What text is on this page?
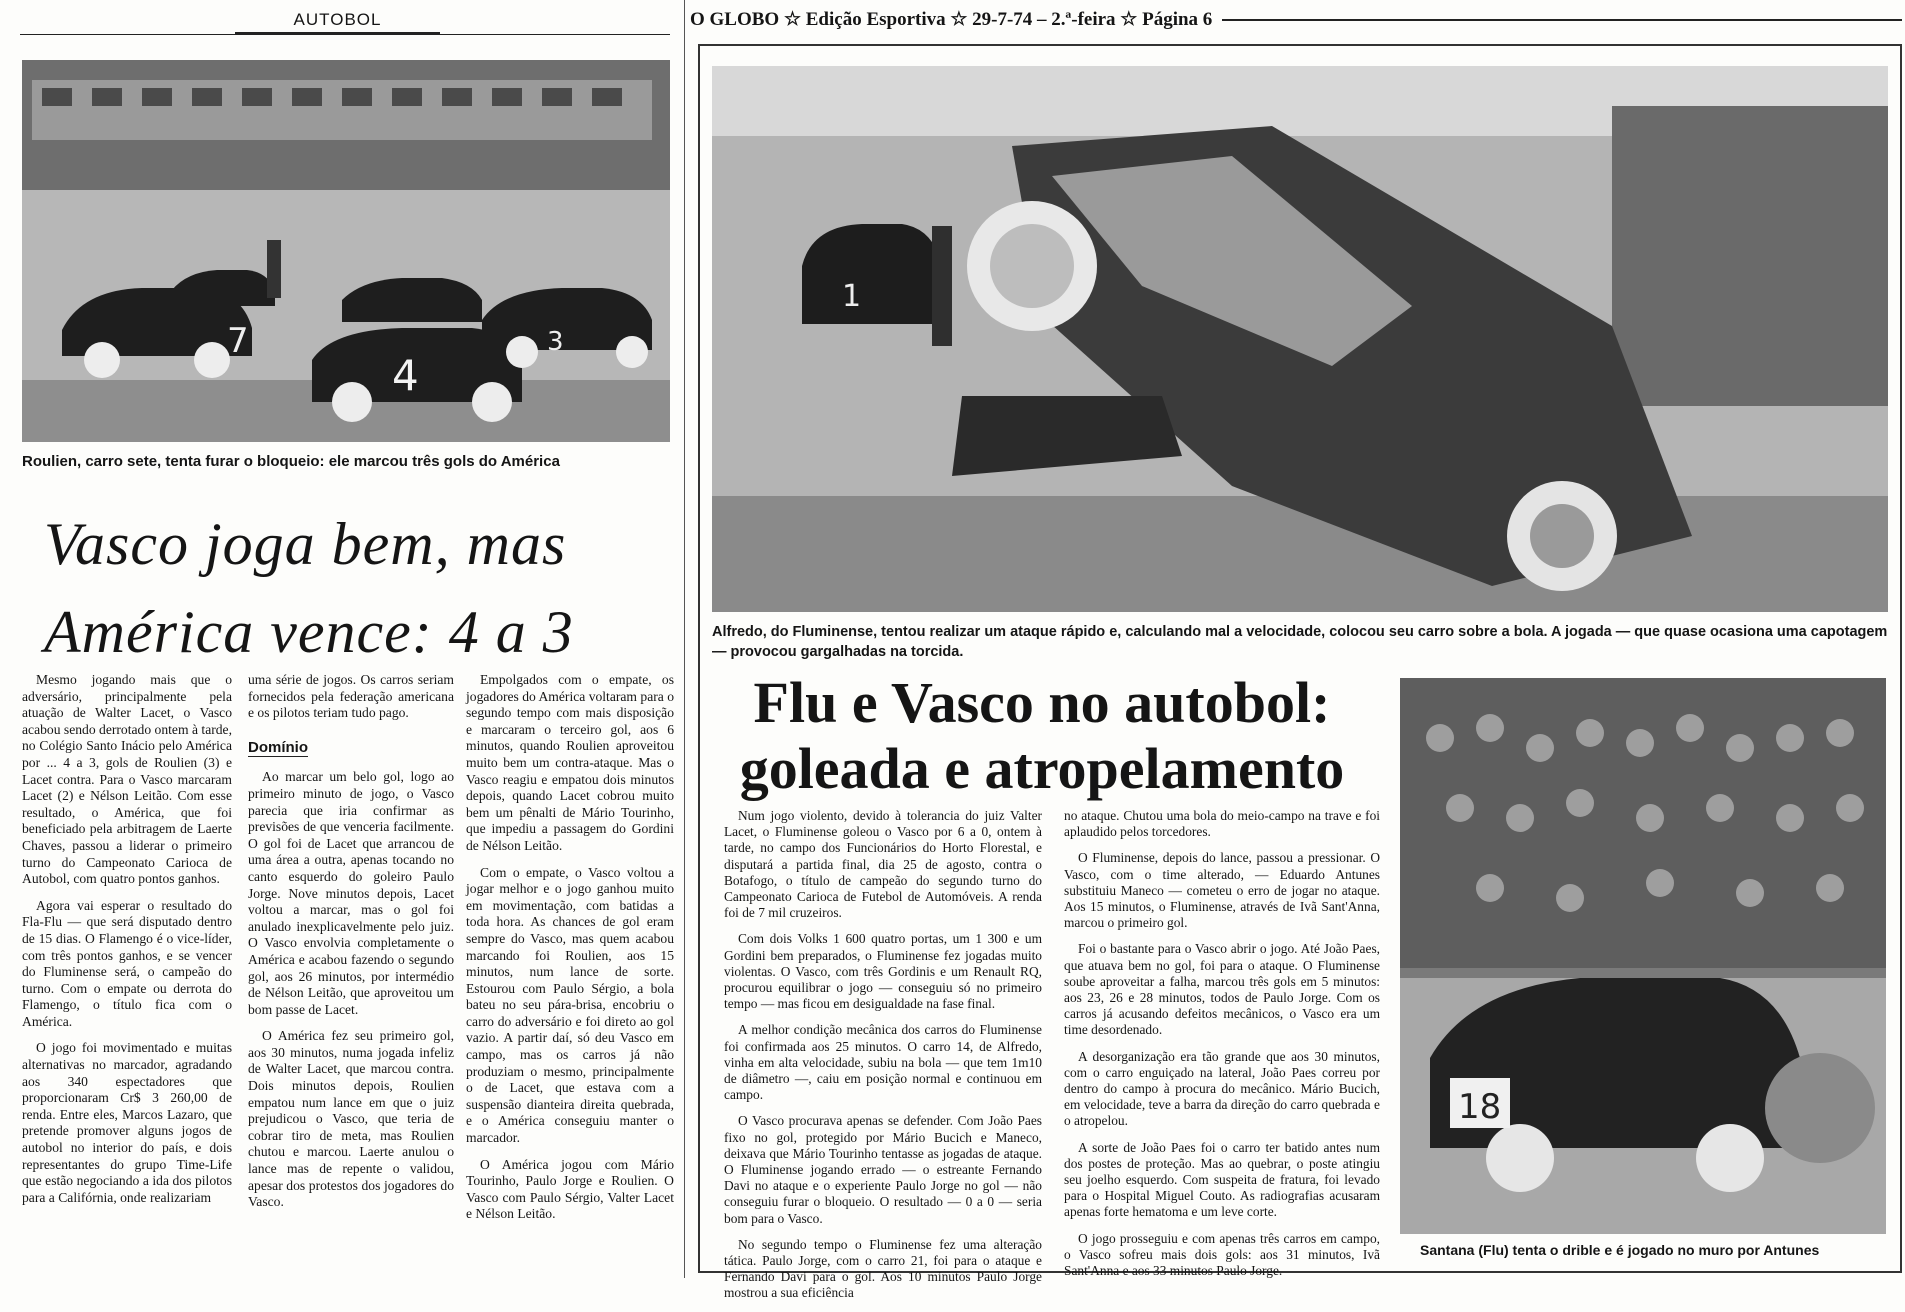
AUTOBOL
7
4
3
Roulien, carro sete, tenta furar o bloqueio: ele marcou três gols do América
Vasco joga bem, mas
América vence: 4 a 3

Mesmo jogando mais que o adversário, principalmente pela atuação de Walter Lacet, o Vasco acabou sendo derrotado ontem à tarde, no Colégio Santo Inácio pelo América por ... 4 a 3, gols de Roulien (3) e Lacet contra. Para o Vasco marcaram Lacet (2) e Nélson Leitão. Com esse resultado, o América, que foi beneficiado pela arbitragem de Laerte Chaves, passou a liderar o primeiro turno do Campeonato Carioca de Autobol, com quatro pontos ganhos.

Agora vai esperar o resultado do Fla-Flu — que será disputado dentro de 15 dias. O Flamengo é o vice-líder, com três pontos ganhos, e se vencer do Fluminense será, o campeão do turno. Com o empate ou derrota do Flamengo, o título fica com o América.

O jogo foi movimentado e muitas alternativas no marcador, agradando aos 340 espectadores que proporcionaram Cr$ 3 260,00 de renda. Entre eles, Marcos Lazaro, que pretende promover alguns jogos de autobol no interior do país, e dois representantes do grupo Time-Life que estão negociando a ida dos pilotos para a Califórnia, onde realizariam

uma série de jogos. Os carros seriam fornecidos pela federação americana e os pilotos teriam tudo pago.

Domínio

Ao marcar um belo gol, logo ao primeiro minuto de jogo, o Vasco parecia que iria confirmar as previsões de que venceria facilmente. O gol foi de Lacet que arrancou de uma área a outra, apenas tocando no canto esquerdo do goleiro Paulo Jorge. Nove minutos depois, Lacet voltou a marcar, mas o gol foi anulado inexplicavelmente pelo juiz. O Vasco envolvia completamente o América e acabou fazendo o segundo gol, aos 26 minutos, por intermédio de Nélson Leitão, que aproveitou um bom passe de Lacet.

O América fez seu primeiro gol, aos 30 minutos, numa jogada infeliz de Walter Lacet, que marcou contra. Dois minutos depois, Roulien empatou num lance em que o juiz prejudicou o Vasco, que teria de cobrar tiro de meta, mas Roulien chutou e marcou. Laerte anulou o lance mas de repente o validou, apesar dos protestos dos jogadores do Vasco.

Empolgados com o empate, os jogadores do América voltaram para o segundo tempo com mais disposição e marcaram o terceiro gol, aos 6 minutos, quando Roulien aproveitou muito bem um contra-ataque. Mas o Vasco reagiu e empatou dois minutos depois, quando Lacet cobrou muito bem um pênalti de Mário Tourinho, que impediu a passagem do Gordini de Nélson Leitão.

Com o empate, o Vasco voltou a jogar melhor e o jogo ganhou muito em movimentação, com batidas a toda hora. As chances de gol eram sempre do Vasco, mas quem acabou marcando foi Roulien, aos 15 minutos, num lance de sorte. Estourou com Paulo Sérgio, a bola bateu no seu pára-brisa, encobriu o carro do adversário e foi direto ao gol vazio. A partir daí, só deu Vasco em campo, mas os carros já não produziam o mesmo, principalmente o de Lacet, que estava com a suspensão dianteira direita quebrada, e o América conseguiu manter o marcador.

O América jogou com Mário Tourinho, Paulo Jorge e Roulien. O Vasco com Paulo Sérgio, Valter Lacet e Nélson Leitão.

O GLOBO ☆ Edição Esportiva ☆ 29-7-74 – 2.ª-feira ☆ Página 6
1
Alfredo, do Fluminense, tentou realizar um ataque rápido e, calculando mal a velocidade, colocou seu carro sobre a bola. A jogada — que quase ocasiona uma capotagem — provocou gargalhadas na torcida.
Flu e Vasco no autobol:
goleada e atropelamento

Num jogo violento, devido à tolerancia do juiz Valter Lacet, o Fluminense goleou o Vasco por 6 a 0, ontem à tarde, no campo dos Funcionários do Horto Florestal, e disputará a partida final, dia 25 de agosto, contra o Botafogo, o título de campeão do segundo turno do Campeonato Carioca de Futebol de Automóveis. A renda foi de 7 mil cruzeiros.

Com dois Volks 1 600 quatro portas, um 1 300 e um Gordini bem preparados, o Fluminense fez jogadas muito violentas. O Vasco, com três Gordinis e um Renault RQ, procurou equilibrar o jogo — conseguiu só no primeiro tempo — mas ficou em desigualdade na fase final.

A melhor condição mecânica dos carros do Fluminense foi confirmada aos 25 minutos. O carro 14, de Alfredo, vinha em alta velocidade, subiu na bola — que tem 1m10 de diâmetro —, caiu em posição normal e continuou em campo.

O Vasco procurava apenas se defender. Com João Paes fixo no gol, protegido por Mário Bucich e Maneco, deixava que Mário Tourinho tentasse as jogadas de ataque. O Fluminense jogando errado — o estreante Fernando Davi no ataque e o experiente Paulo Jorge no gol — não conseguiu furar o bloqueio. O resultado — 0 a 0 — seria bom para o Vasco.

No segundo tempo o Fluminense fez uma alteração tática. Paulo Jorge, com o carro 21, foi para o ataque e Fernando Davi para o gol. Aos 10 minutos Paulo Jorge mostrou a sua eficiência

no ataque. Chutou uma bola do meio-campo na trave e foi aplaudido pelos torcedores.

O Fluminense, depois do lance, passou a pressionar. O Vasco, com o time alterado, — Eduardo Antunes substituiu Maneco — cometeu o erro de jogar no ataque. Aos 15 minutos, o Fluminense, através de Ivã Sant'Anna, marcou o primeiro gol.

Foi o bastante para o Vasco abrir o jogo. Até João Paes, que atuava bem no gol, foi para o ataque. O Fluminense soube aproveitar a falha, marcou três gols em 5 minutos: aos 23, 26 e 28 minutos, todos de Paulo Jorge. Com os carros já acusando defeitos mecânicos, o Vasco era um time desordenado.

A desorganização era tão grande que aos 30 minutos, com o carro enguiçado na lateral, João Paes correu por dentro do campo à procura do mecânico. Mário Bucich, em velocidade, teve a barra da direção do carro quebrada e o atropelou.

A sorte de João Paes foi o carro ter batido antes num dos postes de proteção. Mas ao quebrar, o poste atingiu seu joelho esquerdo. Com suspeita de fratura, foi levado para o Hospital Miguel Couto. As radiografias acusaram apenas forte hematoma e um leve corte.

O jogo prosseguiu e com apenas três carros em campo, o Vasco sofreu mais dois gols: aos 31 minutos, Ivã Sant'Anna e aos 33 minutos Paulo Jorge.

18
Santana (Flu) tenta o drible e é jogado no muro por Antunes
